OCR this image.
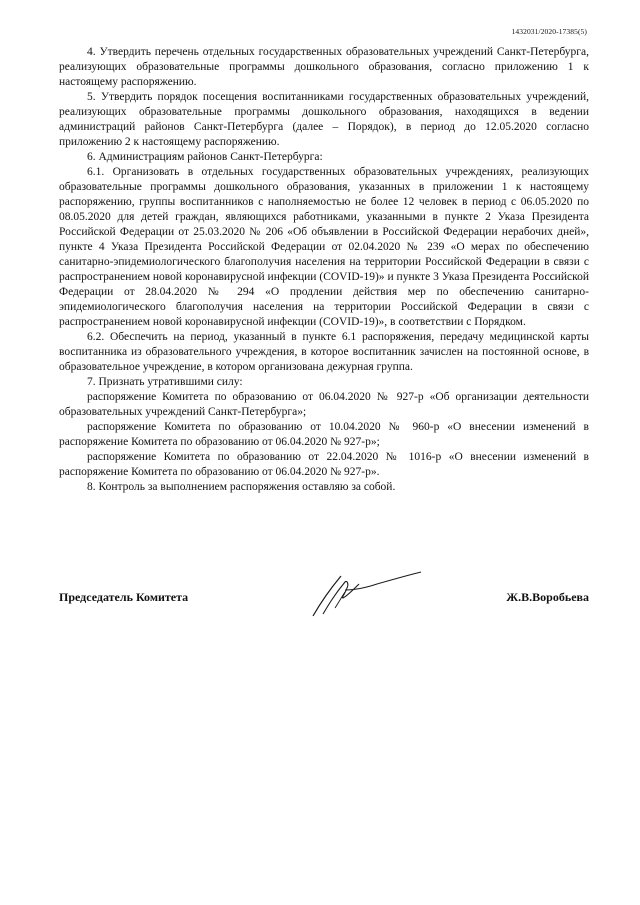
1432031/2020-17385(5)

4. Утвердить перечень отдельных государственных образовательных учреждений Санкт-Петербурга, реализующих образовательные программы дошкольного образования, согласно приложению 1 к настоящему распоряжению.

5. Утвердить порядок посещения воспитанниками государственных образовательных учреждений, реализующих образовательные программы дошкольного образования, находящихся в ведении администраций районов Санкт-Петербурга (далее – Порядок), в период до 12.05.2020 согласно приложению 2 к настоящему распоряжению.

6. Администрациям районов Санкт-Петербурга:

6.1. Организовать в отдельных государственных образовательных учреждениях, реализующих образовательные программы дошкольного образования, указанных в приложении 1 к настоящему распоряжению, группы воспитанников с наполняемостью не более 12 человек в период с 06.05.2020 по 08.05.2020 для детей граждан, являющихся работниками, указанными в пункте 2 Указа Президента Российской Федерации от 25.03.2020 № 206 «Об объявлении в Российской Федерации нерабочих дней», пункте 4 Указа Президента Российской Федерации от 02.04.2020 № 239 «О мерах по обеспечению санитарно-эпидемиологического благополучия населения на территории Российской Федерации в связи с распространением новой коронавирусной инфекции (COVID-19)» и пункте 3 Указа Президента Российской Федерации от 28.04.2020 № 294 «О продлении действия мер по обеспечению санитарно-эпидемиологического благополучия населения на территории Российской Федерации в связи с распространением новой коронавирусной инфекции (COVID-19)», в соответствии с Порядком.

6.2. Обеспечить на период, указанный в пункте 6.1 распоряжения, передачу медицинской карты воспитанника из образовательного учреждения, в которое воспитанник зачислен на постоянной основе, в образовательное учреждение, в котором организована дежурная группа.

7. Признать утратившими силу:

распоряжение Комитета по образованию от 06.04.2020 № 927-р «Об организации деятельности образовательных учреждений Санкт-Петербурга»;

распоряжение Комитета по образованию от 10.04.2020 № 960-р «О внесении изменений в распоряжение Комитета по образованию от 06.04.2020 № 927-р»;

распоряжение Комитета по образованию от 22.04.2020 № 1016-р «О внесении изменений в распоряжение Комитета по образованию от 06.04.2020 № 927-р».

8. Контроль за выполнением распоряжения оставляю за собой.

Председатель Комитета	Ж.В.Воробьева
